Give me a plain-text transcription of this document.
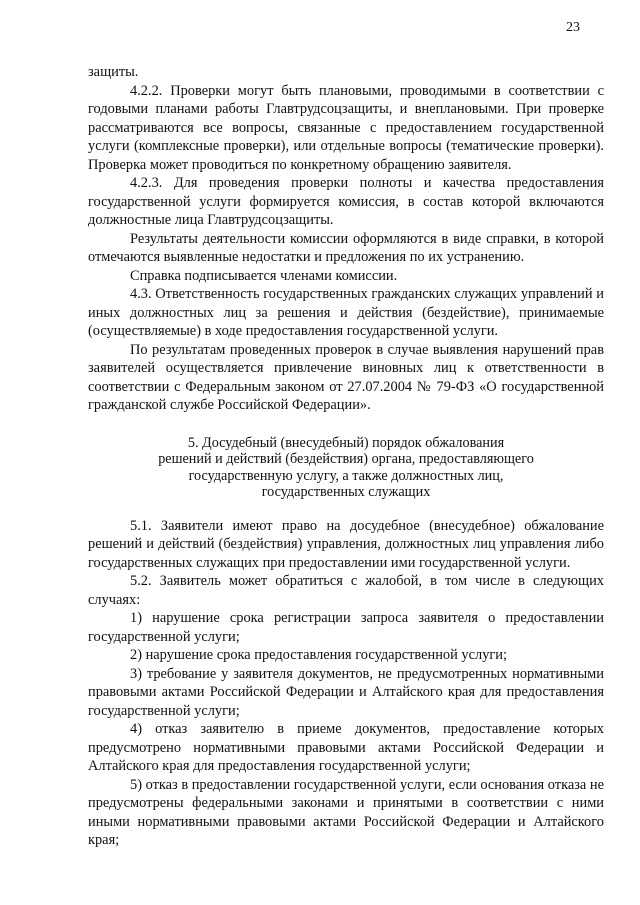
23

защиты.

4.2.2. Проверки могут быть плановыми, проводимыми в соответствии с годовыми планами работы Главтрудсоцзащиты, и внеплановыми. При проверке рассматриваются все вопросы, связанные с предоставлением государственной услуги (комплексные проверки), или отдельные вопросы (тематические проверки). Проверка может проводиться по конкретному обращению заявителя.

4.2.3. Для проведения проверки полноты и качества предоставления государственной услуги формируется комиссия, в состав которой включаются должностные лица Главтрудсоцзащиты.

Результаты деятельности комиссии оформляются в виде справки, в которой отмечаются выявленные недостатки и предложения по их устранению.

Справка подписывается членами комиссии.

4.3. Ответственность государственных гражданских служащих управлений и иных должностных лиц за решения и действия (бездействие), принимаемые (осуществляемые) в ходе предоставления государственной услуги.

По результатам проведенных проверок в случае выявления нарушений прав заявителей осуществляется привлечение виновных лиц к ответственности в соответствии с Федеральным законом от 27.07.2004 № 79-ФЗ «О государственной гражданской службе Российской Федерации».

5. Досудебный (внесудебный) порядок обжалования
решений и действий (бездействия) органа, предоставляющего
государственную услугу, а также должностных лиц,
государственных служащих

5.1. Заявители имеют право на досудебное (внесудебное) обжалование решений и действий (бездействия) управления, должностных лиц управления либо государственных служащих при предоставлении ими государственной услуги.

5.2. Заявитель может обратиться с жалобой, в том числе в следующих случаях:

1) нарушение срока регистрации запроса заявителя о предоставлении государственной услуги;

2) нарушение срока предоставления государственной услуги;

3) требование у заявителя документов, не предусмотренных нормативными правовыми актами Российской Федерации и Алтайского края для предоставления государственной услуги;

4) отказ заявителю в приеме документов, предоставление которых предусмотрено нормативными правовыми актами Российской Федерации и Алтайского края для предоставления государственной услуги;

5) отказ в предоставлении государственной услуги, если основания отказа не предусмотрены федеральными законами и принятыми в соответствии с ними иными нормативными правовыми актами Российской Федерации и Алтайского края;
